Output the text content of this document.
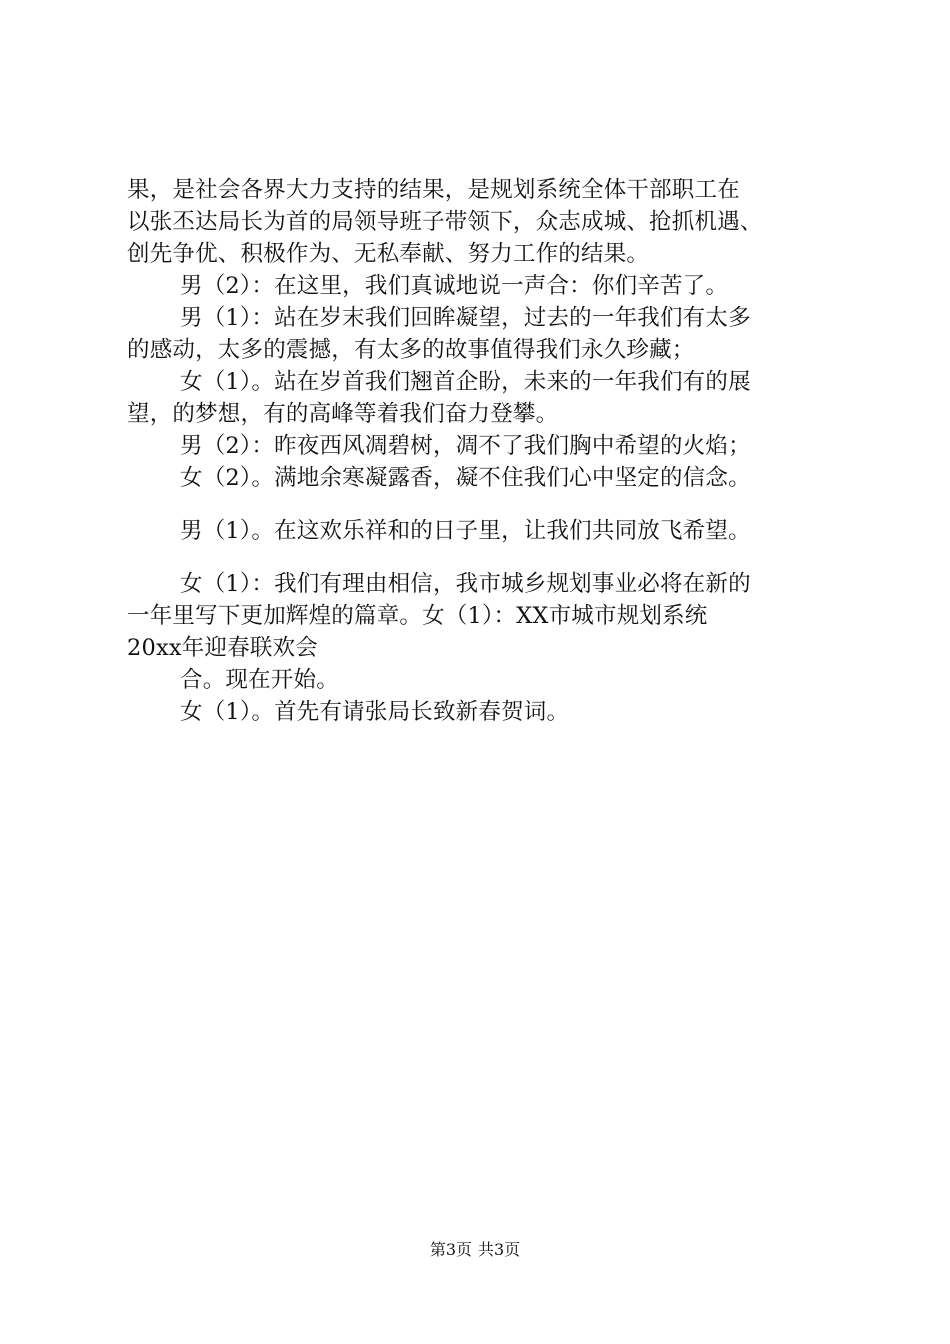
果，是社会各界大力支持的结果，是规划系统全体干部职工在
以张丕达局长为首的局领导班子带领下，众志成城、抢抓机遇、
创先争优、积极作为、无私奉献、努力工作的结果。
男（2）：在这里，我们真诚地说一声合：你们辛苦了。
男（1）：站在岁末我们回眸凝望，过去的一年我们有太多
的感动，太多的震撼，有太多的故事值得我们永久珍藏；
女（1）。站在岁首我们翘首企盼，未来的一年我们有的展
望，的梦想，有的高峰等着我们奋力登攀。
男（2）：昨夜西风凋碧树，凋不了我们胸中希望的火焰；
女（2）。满地余寒凝露香，凝不住我们心中坚定的信念。
男（1）。在这欢乐祥和的日子里，让我们共同放飞希望。
女（1）：我们有理由相信，我市城乡规划事业必将在新的
一年里写下更加辉煌的篇章。女（1）：XX市城市规划系统
20xx年迎春联欢会
合。现在开始。
女（1）。首先有请张局长致新春贺词。
第3页 共3页
